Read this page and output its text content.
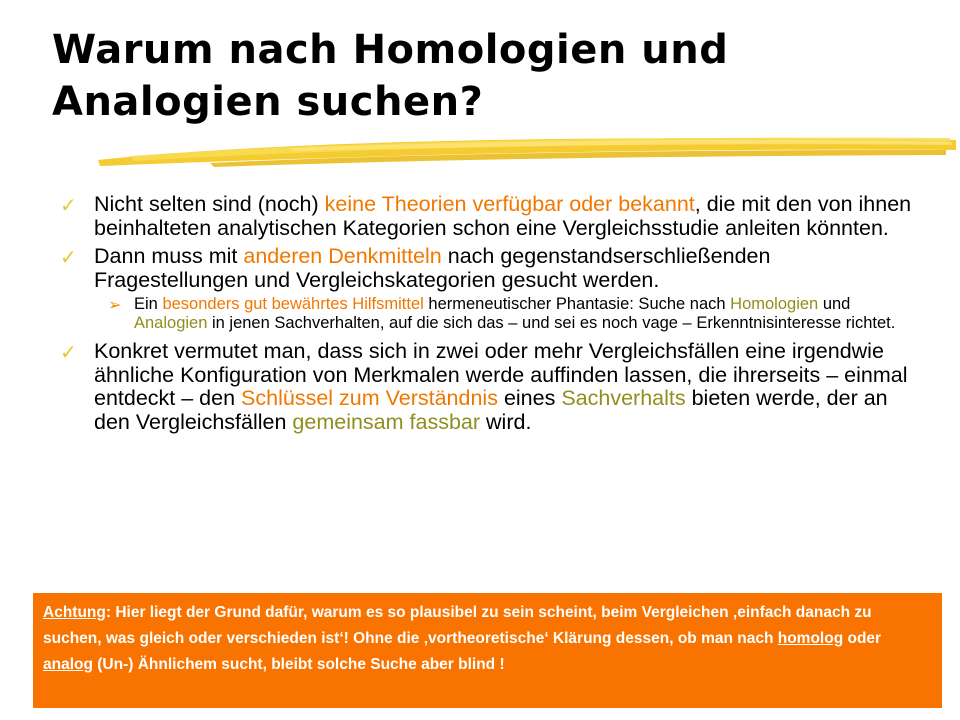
Warum nach Homologien und
Analogien suchen?
✓ Nicht selten sind (noch) keine Theorien verfügbar oder bekannt, die mit den von ihnen beinhalteten analytischen Kategorien schon eine Vergleichsstudie anleiten könnten.
✓ Dann muss mit anderen Denkmitteln nach gegenstandserschließenden Fragestellungen und Vergleichskategorien gesucht werden.
➢ Ein besonders gut bewährtes Hilfsmittel hermeneutischer Phantasie: Suche nach Homologien und Analogien in jenen Sachverhalten, auf die sich das – und sei es noch vage – Erkenntnisinteresse richtet.
✓ Konkret vermutet man, dass sich in zwei oder mehr Vergleichsfällen eine irgendwie ähnliche Konfiguration von Merkmalen werde auffinden lassen, die ihrerseits – einmal entdeckt – den Schlüssel zum Verständnis eines Sachverhalts bieten werde, der an den Vergleichsfällen gemeinsam fassbar wird.
Achtung: Hier liegt der Grund dafür, warum es so plausibel zu sein scheint, beim Vergleichen ‚einfach danach zu suchen, was gleich oder verschieden ist‘! Ohne die ‚vortheoretische‘ Klärung dessen, ob man nach homolog oder analog (Un-) Ähnlichem sucht, bleibt solche Suche aber blind !
